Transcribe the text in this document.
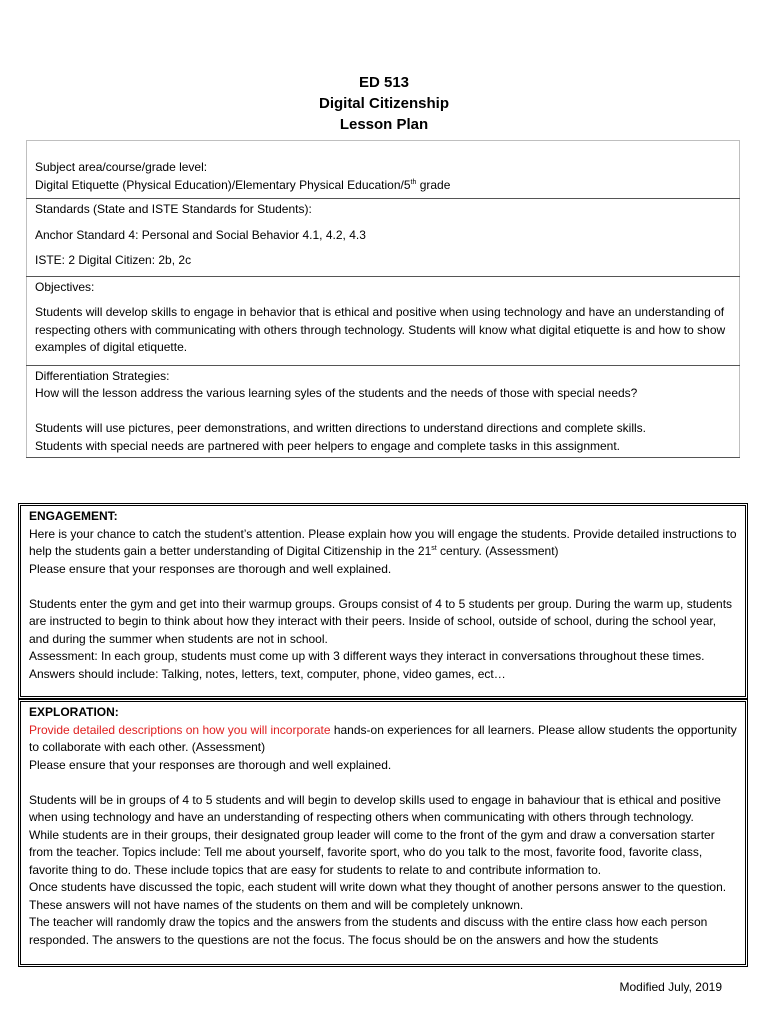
ED 513
Digital Citizenship
Lesson Plan

Subject area/course/grade level:

Digital Etiquette (Physical Education)/Elementary Physical Education/5th grade

Standards (State and ISTE Standards for Students):

Anchor Standard 4: Personal and Social Behavior 4.1, 4.2, 4.3

ISTE: 2 Digital Citizen: 2b, 2c

Objectives:

Students will develop skills to engage in behavior that is ethical and positive when using technology and have an understanding of respecting others with communicating with others through technology. Students will know what digital etiquette is and how to show examples of digital etiquette.

Differentiation Strategies:

How will the lesson address the various learning syles of the students and the needs of those with special needs?

Students will use pictures, peer demonstrations, and written directions to understand directions and complete skills.

Students with special needs are partnered with peer helpers to engage and complete tasks in this assignment.

ENGAGEMENT:

Here is your chance to catch the student’s attention. Please explain how you will engage the students. Provide detailed instructions to help the students gain a better understanding of Digital Citizenship in the 21st century. (Assessment)

Please ensure that your responses are thorough and well explained.

Students enter the gym and get into their warmup groups. Groups consist of 4 to 5 students per group. During the warm up, students are instructed to begin to think about how they interact with their peers. Inside of school, outside of school, during the school year, and during the summer when students are not in school.

Assessment: In each group, students must come up with 3 different ways they interact in conversations throughout these times.

Answers should include: Talking, notes, letters, text, computer, phone, video games, ect…

EXPLORATION:

Provide detailed descriptions on how you will incorporate hands-on experiences for all learners. Please allow students the opportunity to collaborate with each other. (Assessment)

Please ensure that your responses are thorough and well explained.

Students will be in groups of 4 to 5 students and will begin to develop skills used to engage in bahaviour that is ethical and positive when using technology and have an understanding of respecting others when communicating with others through technology.

While students are in their groups, their designated group leader will come to the front of the gym and draw a conversation starter from the teacher. Topics include: Tell me about yourself, favorite sport, who do you talk to the most, favorite food, favorite class, favorite thing to do. These include topics that are easy for students to relate to and contribute information to.

Once students have discussed the topic, each student will write down what they thought of another persons answer to the question. These answers will not have names of the students on them and will be completely unknown.

The teacher will randomly draw the topics and the answers from the students and discuss with the entire class how each person responded. The answers to the questions are not the focus. The focus should be on the answers and how the students

Modified July, 2019
